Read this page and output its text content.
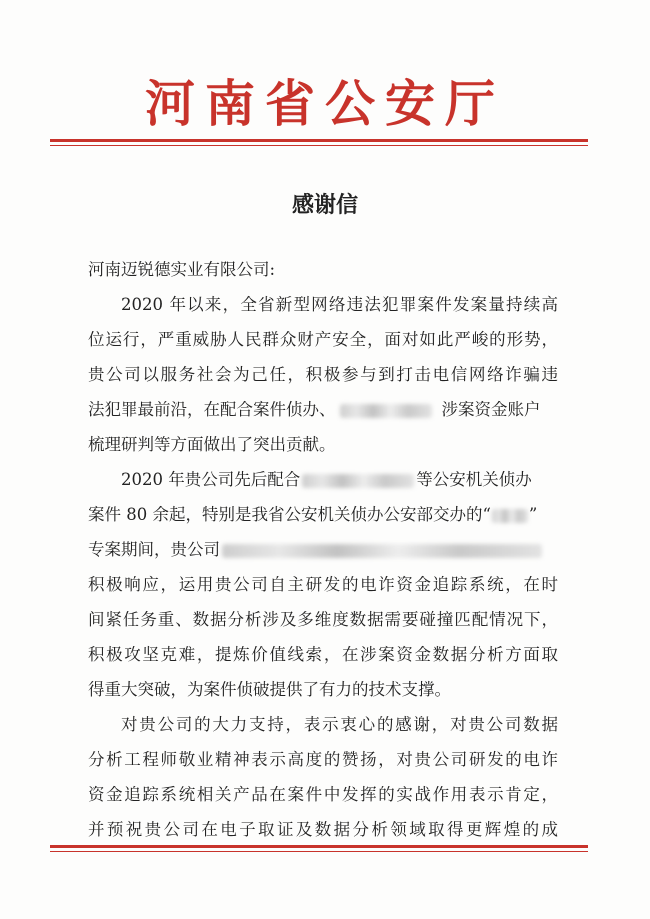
河南省公安厅
感谢信
河南迈锐德实业有限公司:
2020 年以来，全省新型网络违法犯罪案件发案量持续高
位运行，严重威胁人民群众财产安全，面对如此严峻的形势，
贵公司以服务社会为己任，积极参与到打击电信网络诈骗违
法犯罪最前沿，在配合案件侦办、	涉案资金账户
梳理研判等方面做出了突出贡献。
2020 年贵公司先后配合	等公安机关侦办
案件 80 余起，特别是我省公安机关侦办公安部交办的“ ”
专案期间，贵公司
积极响应，运用贵公司自主研发的电诈资金追踪系统，在时
间紧任务重、数据分析涉及多维度数据需要碰撞匹配情况下，
积极攻坚克难，提炼价值线索，在涉案资金数据分析方面取
得重大突破，为案件侦破提供了有力的技术支撑。
对贵公司的大力支持，表示衷心的感谢，对贵公司数据
分析工程师敬业精神表示高度的赞扬，对贵公司研发的电诈
资金追踪系统相关产品在案件中发挥的实战作用表示肯定，
并预祝贵公司在电子取证及数据分析领域取得更辉煌的成
